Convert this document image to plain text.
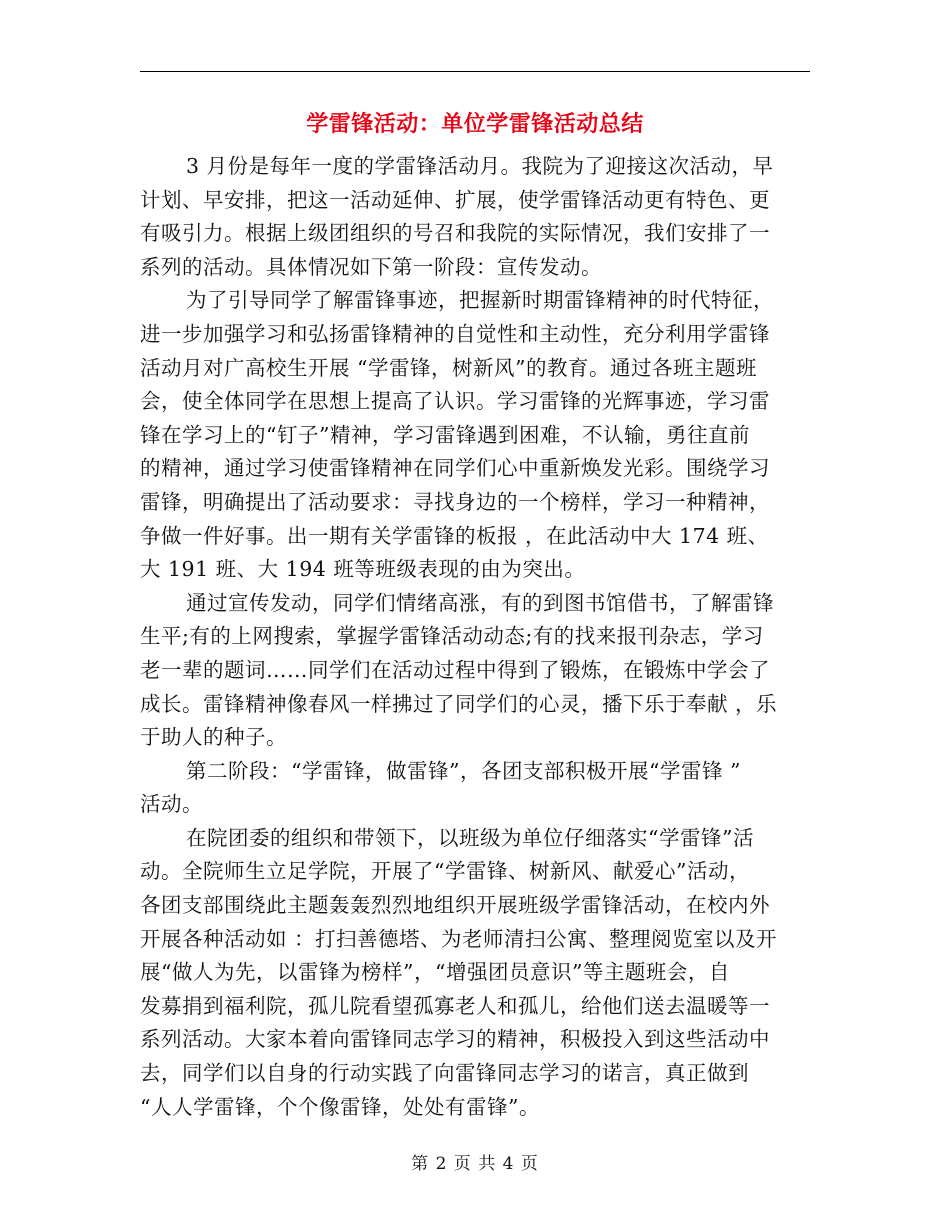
学雷锋活动：单位学雷锋活动总结
3 月份是每年一度的学雷锋活动月。我院为了迎接这次活动，早
计划、早安排，把这一活动延伸、扩展，使学雷锋活动更有特色、更
有吸引力。根据上级团组织的号召和我院的实际情况，我们安排了一
系列的活动。具体情况如下第一阶段：宣传发动。
为了引导同学了解雷锋事迹，把握新时期雷锋精神的时代特征，
进一步加强学习和弘扬雷锋精神的自觉性和主动性，充分利用学雷锋
活动月对广高校生开展 “学雷锋，树新风”的教育。通过各班主题班
会，使全体同学在思想上提高了认识。学习雷锋的光辉事迹，学习雷
锋在学习上的“钉子”精神，学习雷锋遇到困难，不认输，勇往直前
的精神，通过学习使雷锋精神在同学们心中重新焕发光彩。围绕学习
雷锋，明确提出了活动要求：寻找身边的一个榜样，学习一种精神，
争做一件好事。出一期有关学雷锋的板报 ，在此活动中大 174 班、
大 191 班、大 194 班等班级表现的由为突出。
通过宣传发动，同学们情绪高涨，有的到图书馆借书，了解雷锋
生平;有的上网搜索，掌握学雷锋活动动态;有的找来报刊杂志，学习
老一辈的题词……同学们在活动过程中得到了锻炼，在锻炼中学会了
成长。雷锋精神像春风一样拂过了同学们的心灵，播下乐于奉献 ，乐
于助人的种子。
第二阶段：“学雷锋，做雷锋”，各团支部积极开展“学雷锋 ”
活动。
在院团委的组织和带领下，以班级为单位仔细落实“学雷锋”活
动。全院师生立足学院，开展了“学雷锋、树新风、献爱心”活动，
各团支部围绕此主题轰轰烈烈地组织开展班级学雷锋活动，在校内外
开展各种活动如 ：打扫善德塔、为老师清扫公寓、整理阅览室以及开
展“做人为先，以雷锋为榜样”，“增强团员意识”等主题班会，自
发募捐到福利院，孤儿院看望孤寡老人和孤儿，给他们送去温暖等一
系列活动。大家本着向雷锋同志学习的精神，积极投入到这些活动中
去，同学们以自身的行动实践了向雷锋同志学习的诺言，真正做到
“人人学雷锋，个个像雷锋，处处有雷锋”。
第 2 页 共 4 页
